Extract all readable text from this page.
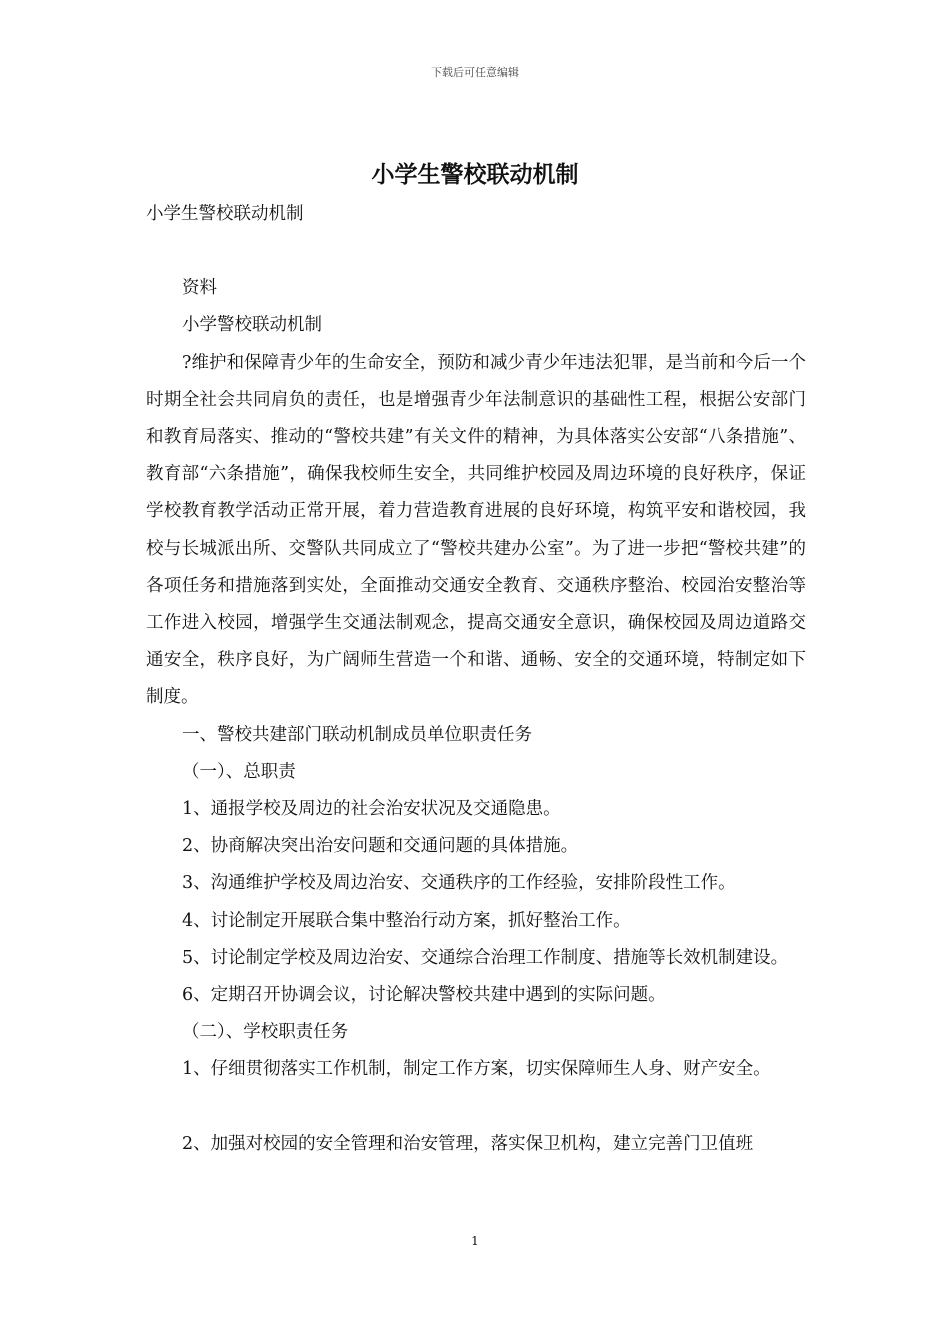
下载后可任意编辑
小学生警校联动机制

小学生警校联动机制

资料

小学警校联动机制

?维护和保障青少年的生命安全，预防和减少青少年违法犯罪，是当前和今后一个时期全社会共同肩负的责任，也是增强青少年法制意识的基础性工程，根据公安部门和教育局落实、推动的“警校共建”有关文件的精神，为具体落实公安部“八条措施”、教育部“六条措施”，确保我校师生安全，共同维护校园及周边环境的良好秩序，保证学校教育教学活动正常开展，着力营造教育进展的良好环境，构筑平安和谐校园，我校与长城派出所、交警队共同成立了“警校共建办公室”。为了进一步把“警校共建”的各项任务和措施落到实处，全面推动交通安全教育、交通秩序整治、校园治安整治等工作进入校园，增强学生交通法制观念，提高交通安全意识，确保校园及周边道路交通安全，秩序良好，为广阔师生营造一个和谐、通畅、安全的交通环境，特制定如下制度。

一、警校共建部门联动机制成员单位职责任务

（一）、总职责

1、通报学校及周边的社会治安状况及交通隐患。

2、协商解决突出治安问题和交通问题的具体措施。

3、沟通维护学校及周边治安、交通秩序的工作经验，安排阶段性工作。

4、讨论制定开展联合集中整治行动方案，抓好整治工作。

5、讨论制定学校及周边治安、交通综合治理工作制度、措施等长效机制建设。

6、定期召开协调会议，讨论解决警校共建中遇到的实际问题。

（二）、学校职责任务

1、仔细贯彻落实工作机制，制定工作方案，切实保障师生人身、财产安全。

2、加强对校园的安全管理和治安管理，落实保卫机构，建立完善门卫值班

1
